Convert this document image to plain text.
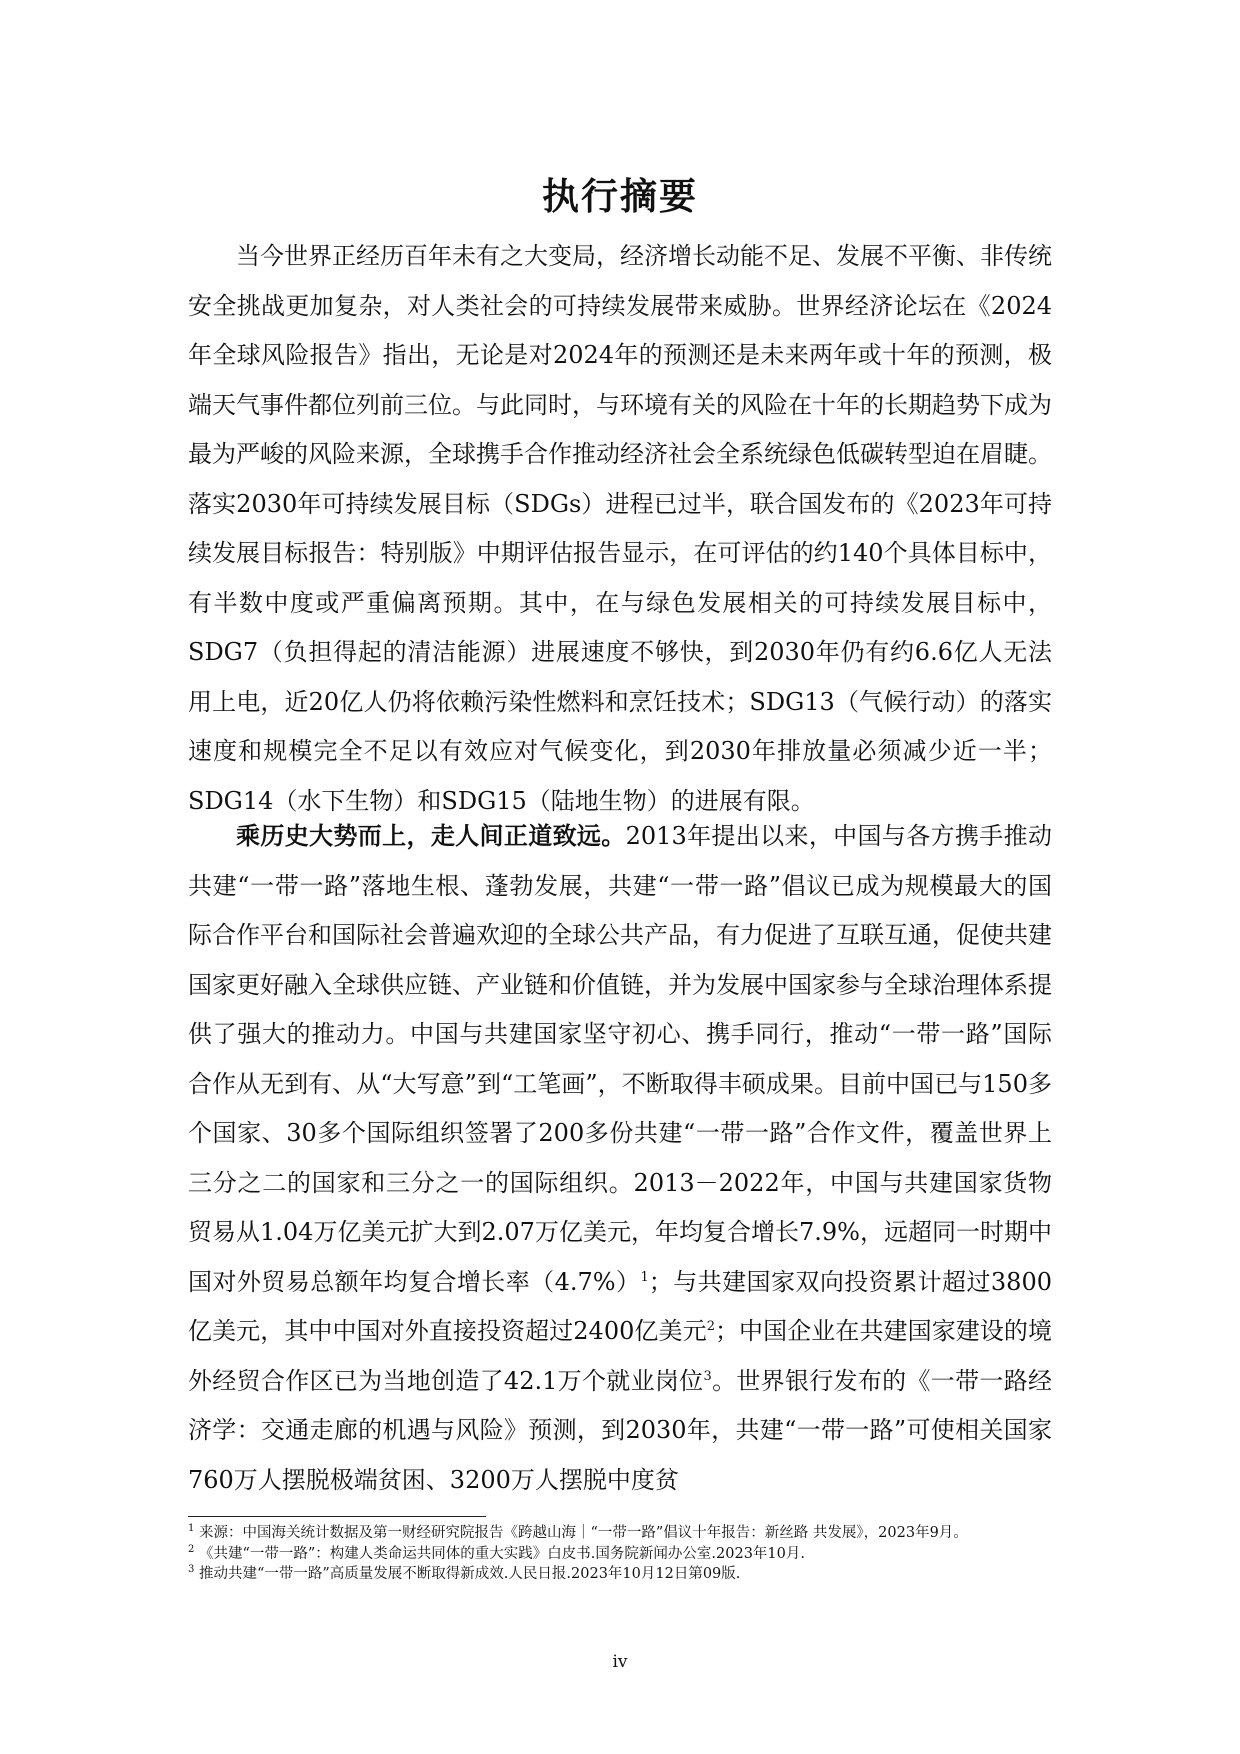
执行摘要

当今世界正经历百年未有之大变局，经济增长动能不足、发展不平衡、非传统安全挑战更加复杂，对人类社会的可持续发展带来威胁。世界经济论坛在《2024年全球风险报告》指出，无论是对2024年的预测还是未来两年或十年的预测，极端天气事件都位列前三位。与此同时，与环境有关的风险在十年的长期趋势下成为最为严峻的风险来源，全球携手合作推动经济社会全系统绿色低碳转型迫在眉睫。落实2030年可持续发展目标（SDGs）进程已过半，联合国发布的《2023年可持续发展目标报告：特别版》中期评估报告显示，在可评估的约140个具体目标中，有半数中度或严重偏离预期。其中，在与绿色发展相关的可持续发展目标中，SDG7（负担得起的清洁能源）进展速度不够快，到2030年仍有约6.6亿人无法用上电，近20亿人仍将依赖污染性燃料和烹饪技术；SDG13（气候行动）的落实速度和规模完全不足以有效应对气候变化，到2030年排放量必须减少近一半；SDG14（水下生物）和SDG15（陆地生物）的进展有限。

乘历史大势而上，走人间正道致远。2013年提出以来，中国与各方携手推动共建“一带一路”落地生根、蓬勃发展，共建“一带一路”倡议已成为规模最大的国际合作平台和国际社会普遍欢迎的全球公共产品，有力促进了互联互通，促使共建国家更好融入全球供应链、产业链和价值链，并为发展中国家参与全球治理体系提供了强大的推动力。中国与共建国家坚守初心、携手同行，推动“一带一路”国际合作从无到有、从“大写意”到“工笔画”，不断取得丰硕成果。目前中国已与150多个国家、30多个国际组织签署了200多份共建“一带一路”合作文件，覆盖世界上三分之二的国家和三分之一的国际组织。2013－2022年，中国与共建国家货物贸易从1.04万亿美元扩大到2.07万亿美元，年均复合增长7.9%，远超同一时期中国对外贸易总额年均复合增长率$(4.7\%)^1$；与共建国家双向投资累计超过3800亿美元，其中中国对外直接投资超过2400亿美元$^2$；中国企业在共建国家建设的境外经贸合作区已为当地创造了42.1万个就业岗位$^3$。世界银行发布的《一带一路经济学：交通走廊的机遇与风险》预测，到2030年，共建“一带一路”可使相关国家760万人摆脱极端贫困、3200万人摆脱中度贫

$^1$ 来源：中国海关统计数据及第一财经研究院报告《跨越山海｜“一带一路”倡议十年报告：新丝路 共发展》，2023年9月。

$^2$ 《共建“一带一路”：构建人类命运共同体的重大实践》白皮书.国务院新闻办公室.2023年10月.

$^3$ 推动共建“一带一路”高质量发展不断取得新成效.人民日报.2023年10月12日第09版.

iv
